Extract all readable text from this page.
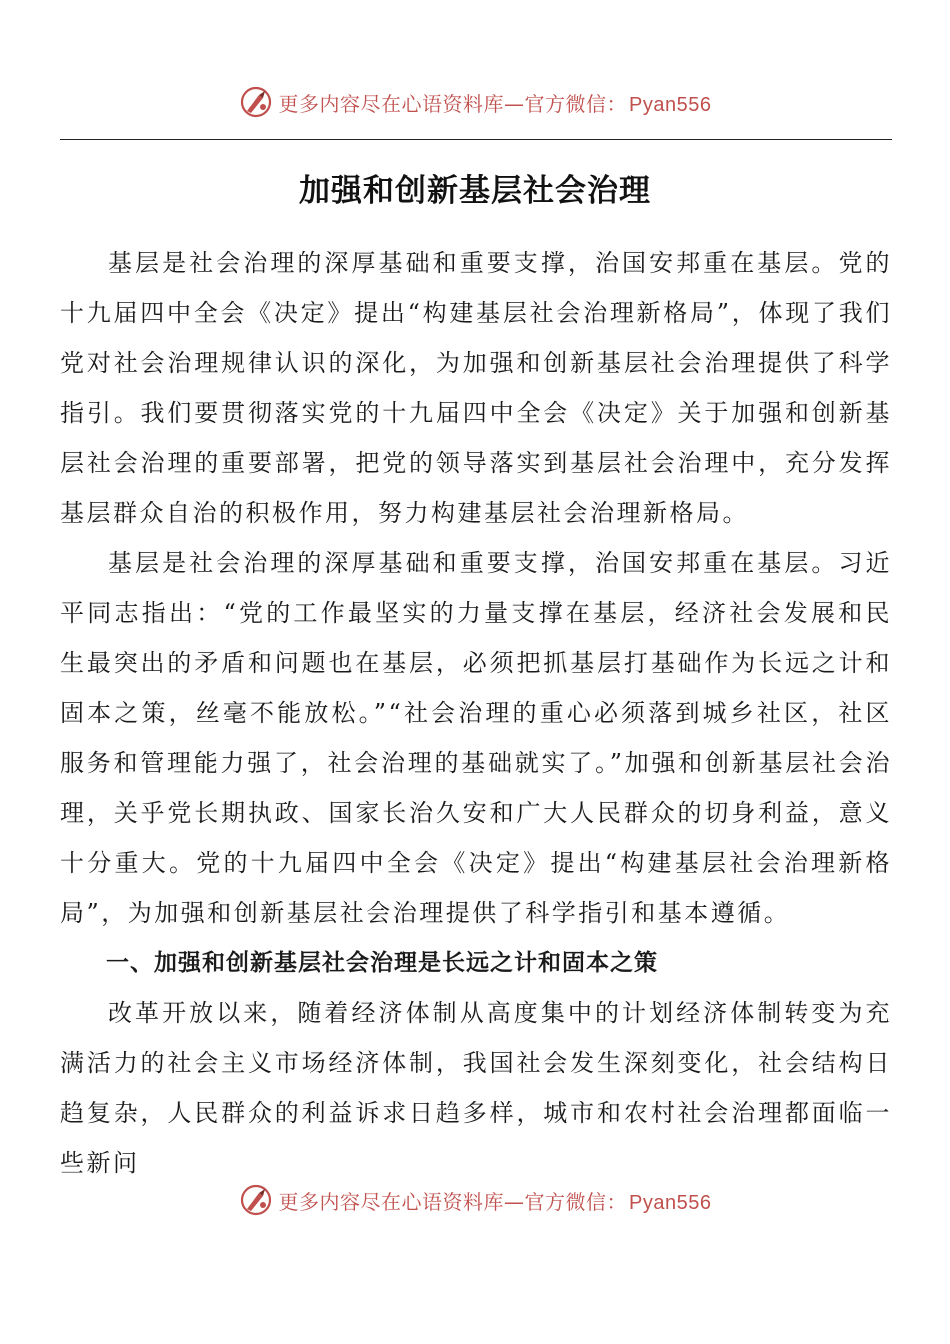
更多内容尽在心语资料库—官方微信： Pyan556
加强和创新基层社会治理

基层是社会治理的深厚基础和重要支撑，治国安邦重在基层。党的十九届四中全会《决定》提出“构建基层社会治理新格局”，体现了我们党对社会治理规律认识的深化，为加强和创新基层社会治理提供了科学指引。我们要贯彻落实党的十九届四中全会《决定》关于加强和创新基层社会治理的重要部署，把党的领导落实到基层社会治理中，充分发挥基层群众自治的积极作用，努力构建基层社会治理新格局。

基层是社会治理的深厚基础和重要支撑，治国安邦重在基层。习近平同志指出：“党的工作最坚实的力量支撑在基层，经济社会发展和民生最突出的矛盾和问题也在基层，必须把抓基层打基础作为长远之计和固本之策，丝毫不能放松。”“社会治理的重心必须落到城乡社区，社区服务和管理能力强了，社会治理的基础就实了。”加强和创新基层社会治理，关乎党长期执政、国家长治久安和广大人民群众的切身利益，意义十分重大。党的十九届四中全会《决定》提出“构建基层社会治理新格局”，为加强和创新基层社会治理提供了科学指引和基本遵循。

一、加强和创新基层社会治理是长远之计和固本之策

改革开放以来，随着经济体制从高度集中的计划经济体制转变为充满活力的社会主义市场经济体制，我国社会发生深刻变化，社会结构日趋复杂，人民群众的利益诉求日趋多样，城市和农村社会治理都面临一些新问

更多内容尽在心语资料库—官方微信： Pyan556
